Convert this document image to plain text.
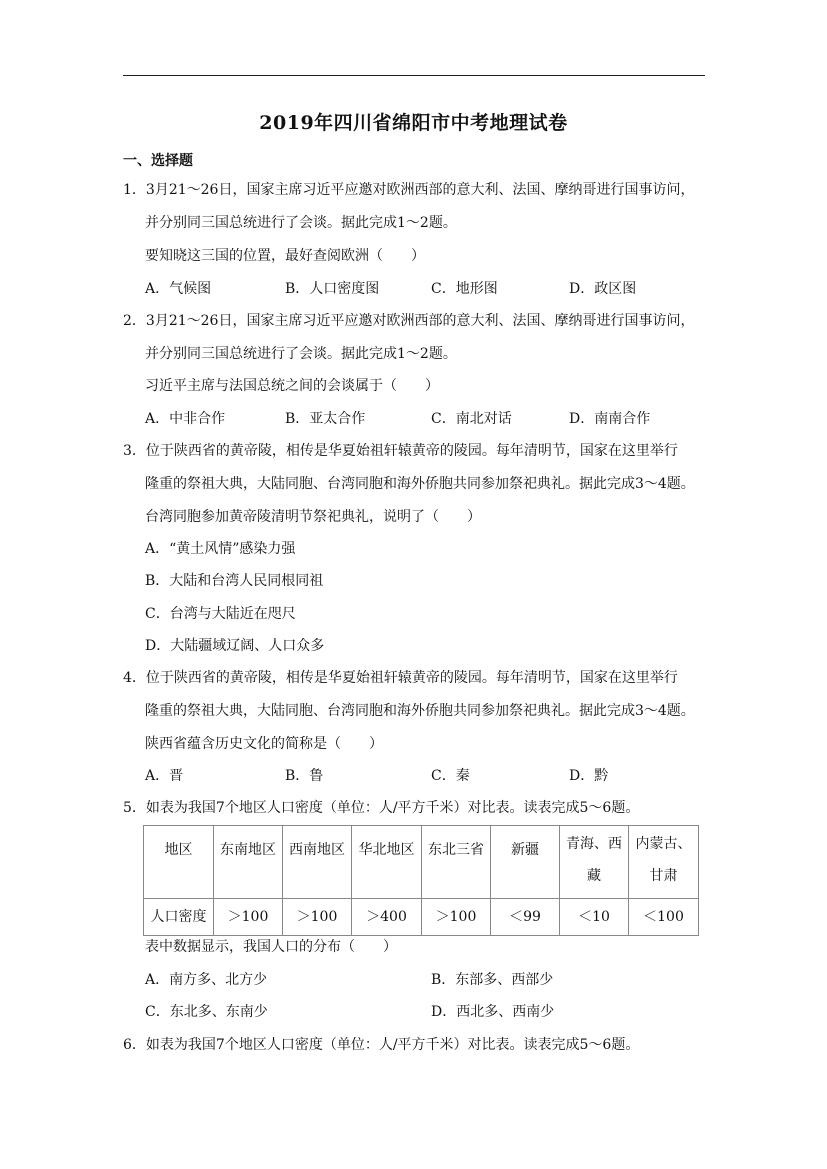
2019年四川省绵阳市中考地理试卷
一、选择题
1．3月21～26日，国家主席习近平应邀对欧洲西部的意大利、法国、摩纳哥进行国事访问，
并分别同三国总统进行了会谈。据此完成1～2题。
要知晓这三国的位置，最好查阅欧洲（　　）
A．气候图	B．人口密度图	C．地形图	D．政区图
2．3月21～26日，国家主席习近平应邀对欧洲西部的意大利、法国、摩纳哥进行国事访问，
并分别同三国总统进行了会谈。据此完成1～2题。
习近平主席与法国总统之间的会谈属于（　　）
A．中非合作	B．亚太合作	C．南北对话	D．南南合作
3．位于陕西省的黄帝陵，相传是华夏始祖轩辕黄帝的陵园。每年清明节，国家在这里举行
隆重的祭祖大典，大陆同胞、台湾同胞和海外侨胞共同参加祭祀典礼。据此完成3～4题。
台湾同胞参加黄帝陵清明节祭祀典礼，说明了（　　）
A．“黄土风情”感染力强
B．大陆和台湾人民同根同祖
C．台湾与大陆近在咫尺
D．大陆疆域辽阔、人口众多
4．位于陕西省的黄帝陵，相传是华夏始祖轩辕黄帝的陵园。每年清明节，国家在这里举行
隆重的祭祖大典，大陆同胞、台湾同胞和海外侨胞共同参加祭祀典礼。据此完成3～4题。
陕西省蕴含历史文化的简称是（　　）
A．晋	B．鲁	C．秦	D．黔
5．如表为我国7个地区人口密度（单位：人/平方千米）对比表。读表完成5～6题。
地区	东南地区	西南地区	华北地区	东北三省	新疆	青海、西藏	内蒙古、甘肃
人口密度	＞100	＞100	＞400	＞100	＜99	＜10	＜100
表中数据显示，我国人口的分布（　　）
A．南方多、北方少	B．东部多、西部少
C．东北多、东南少	D．西北多、西南少
6．如表为我国7个地区人口密度（单位：人/平方千米）对比表。读表完成5～6题。
